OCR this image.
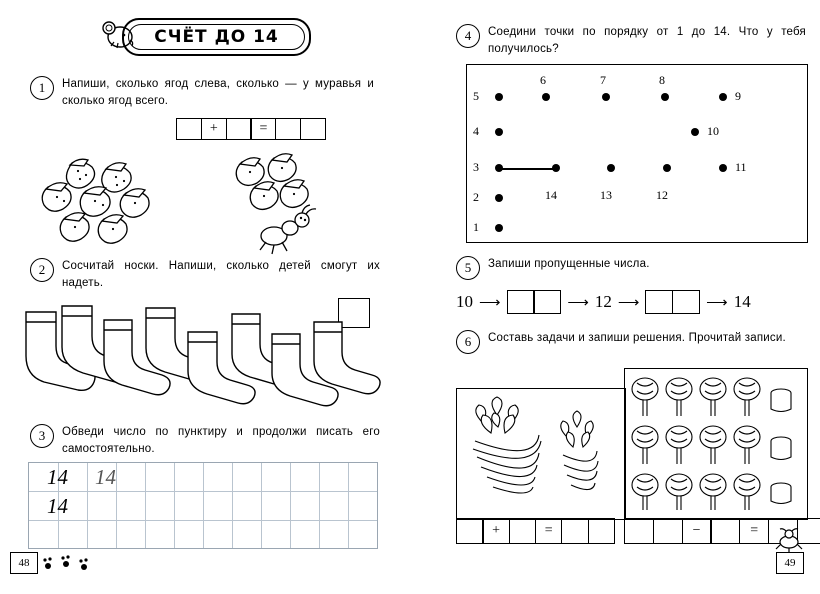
СЧЁТ ДО 14
1	Напиши, сколько ягод слева, сколько — у муравья и сколько ягод всего.
+	=
2	Сосчитай носки. Напиши, сколько детей смогут их надеть.
3	Обведи число по пунктиру и продолжи писать его самостоятельно.
14 14
14
48
4	Соедини точки по порядку от 1 до 14. Что у тебя получилось?
5
6	7	8
9
4	10
3	11
2	14	13	12
1
5	Запиши пропущенные числа.
10 ⟶	⟶ 12 ⟶	⟶ 14
6	Составь задачи и запиши решения. Прочитай записи.
+	=	−	=
49
